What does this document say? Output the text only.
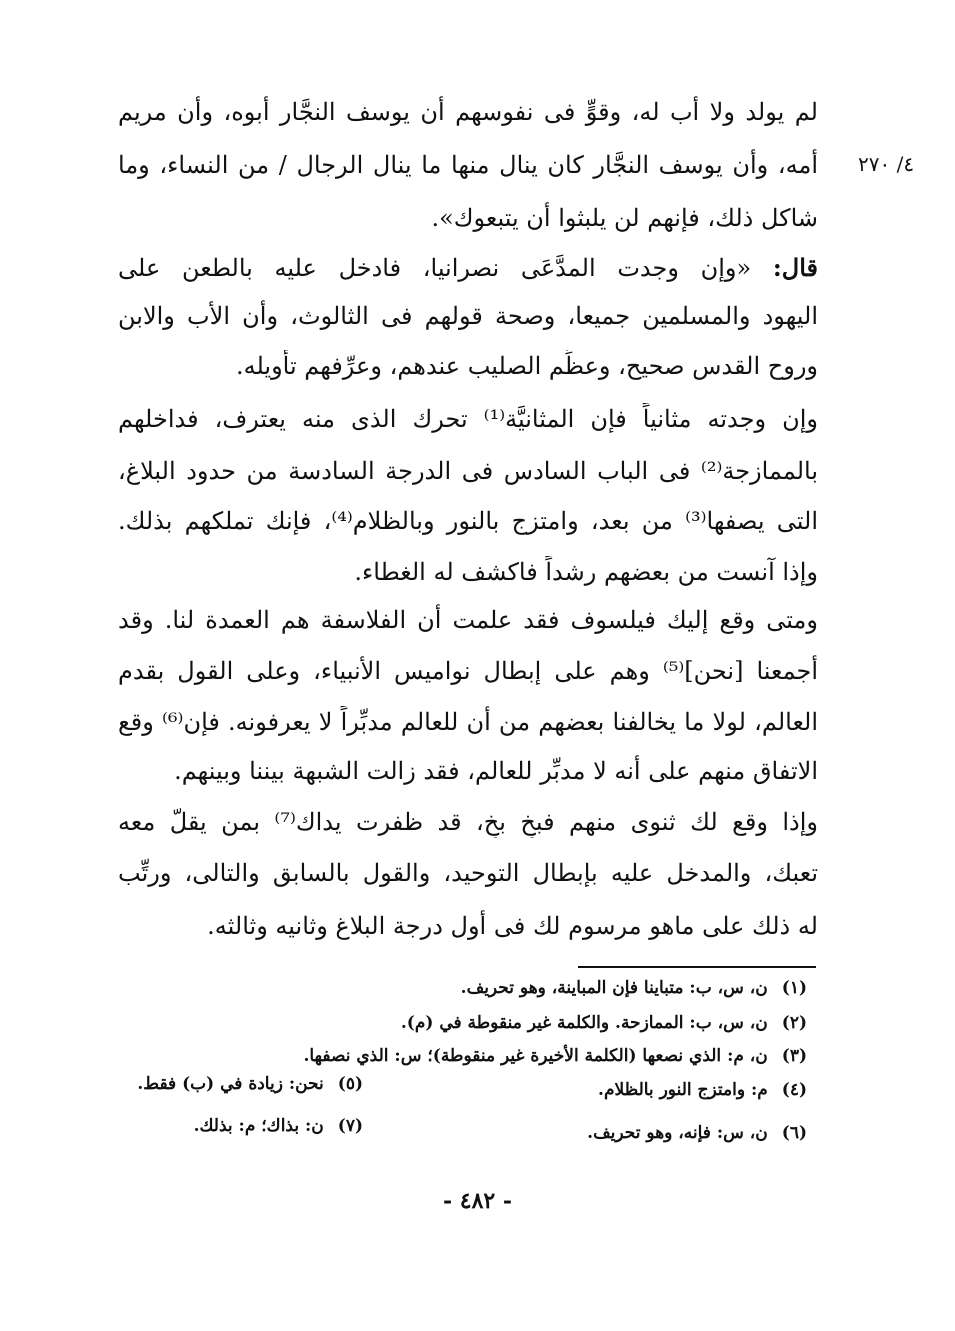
٤/ ٢٧٠
لم يولد ولا أب له، وقوٍّ فى نفوسهم أن يوسف النجَّار أبوه، وأن مريم
أمه، وأن يوسف النجَّار كان ينال منها ما ينال الرجال / من النساء، وما
شاكل ذلك، فإنهم لن يلبثوا أن يتبعوك».
قال: «وإن وجدت المدَّعَى نصرانيا، فادخل عليه بالطعن على
اليهود والمسلمين جميعا، وصحة قولهم فى الثالوث، وأن الأب والابن
وروح القدس صحيح، وعظِّم الصليب عندهم، وعرِّفهم تأويله.
وإن وجدته مثانياً فإن المثانيَّة⁽¹⁾ تحرك الذى منه يعترف، فداخلهم
بالممازجة⁽²⁾ فى الباب السادس فى الدرجة السادسة من حدود البلاغ،
التى يصفها⁽³⁾ من بعد، وامتزج بالنور وبالظلام⁽⁴⁾، فإنك تملكهم بذلك.
وإذا آنست من بعضهم رشداً فاكشف له الغطاء.
ومتى وقع إليك فيلسوف فقد علمت أن الفلاسفة هم العمدة لنا. وقد
أجمعنا [نحن]⁽⁵⁾ وهم على إبطال نواميس الأنبياء، وعلى القول بقدم
العالم، لولا ما يخالفنا بعضهم من أن للعالم مدبِّراً لا يعرفونه. فإن⁽⁶⁾ وقع
الاتفاق منهم على أنه لا مدبِّر للعالم، فقد زالت الشبهة بيننا وبينهم.
وإذا وقع لك ثنوى منهم فبخٍ بخٍ، قد ظفرت يداك⁽⁷⁾ بمن يقلّ معه
تعبك، والمدخل عليه بإبطال التوحيد، والقول بالسابق والتالى، ورتِّب
له ذلك على ماهو مرسوم لك فى أول درجة البلاغ وثانيه وثالثه.
(١)ن، س، ب: متباينا فإن المباينة، وهو تحريف.
(٢)ن، س، ب: الممازحة. والكلمة غير منقوطة في (م).
(٣)ن، م: الذي نصعها (الكلمة الأخيرة غير منقوطة)؛ س: الذي نصفها.
(٤)م: وامتزج النور بالظلام.
(٥)نحن: زيادة في (ب) فقط.
(٦)ن، س: فإنه، وهو تحريف.
(٧)ن: بذاك؛ م: بذلك.
- ٤٨٢ -
